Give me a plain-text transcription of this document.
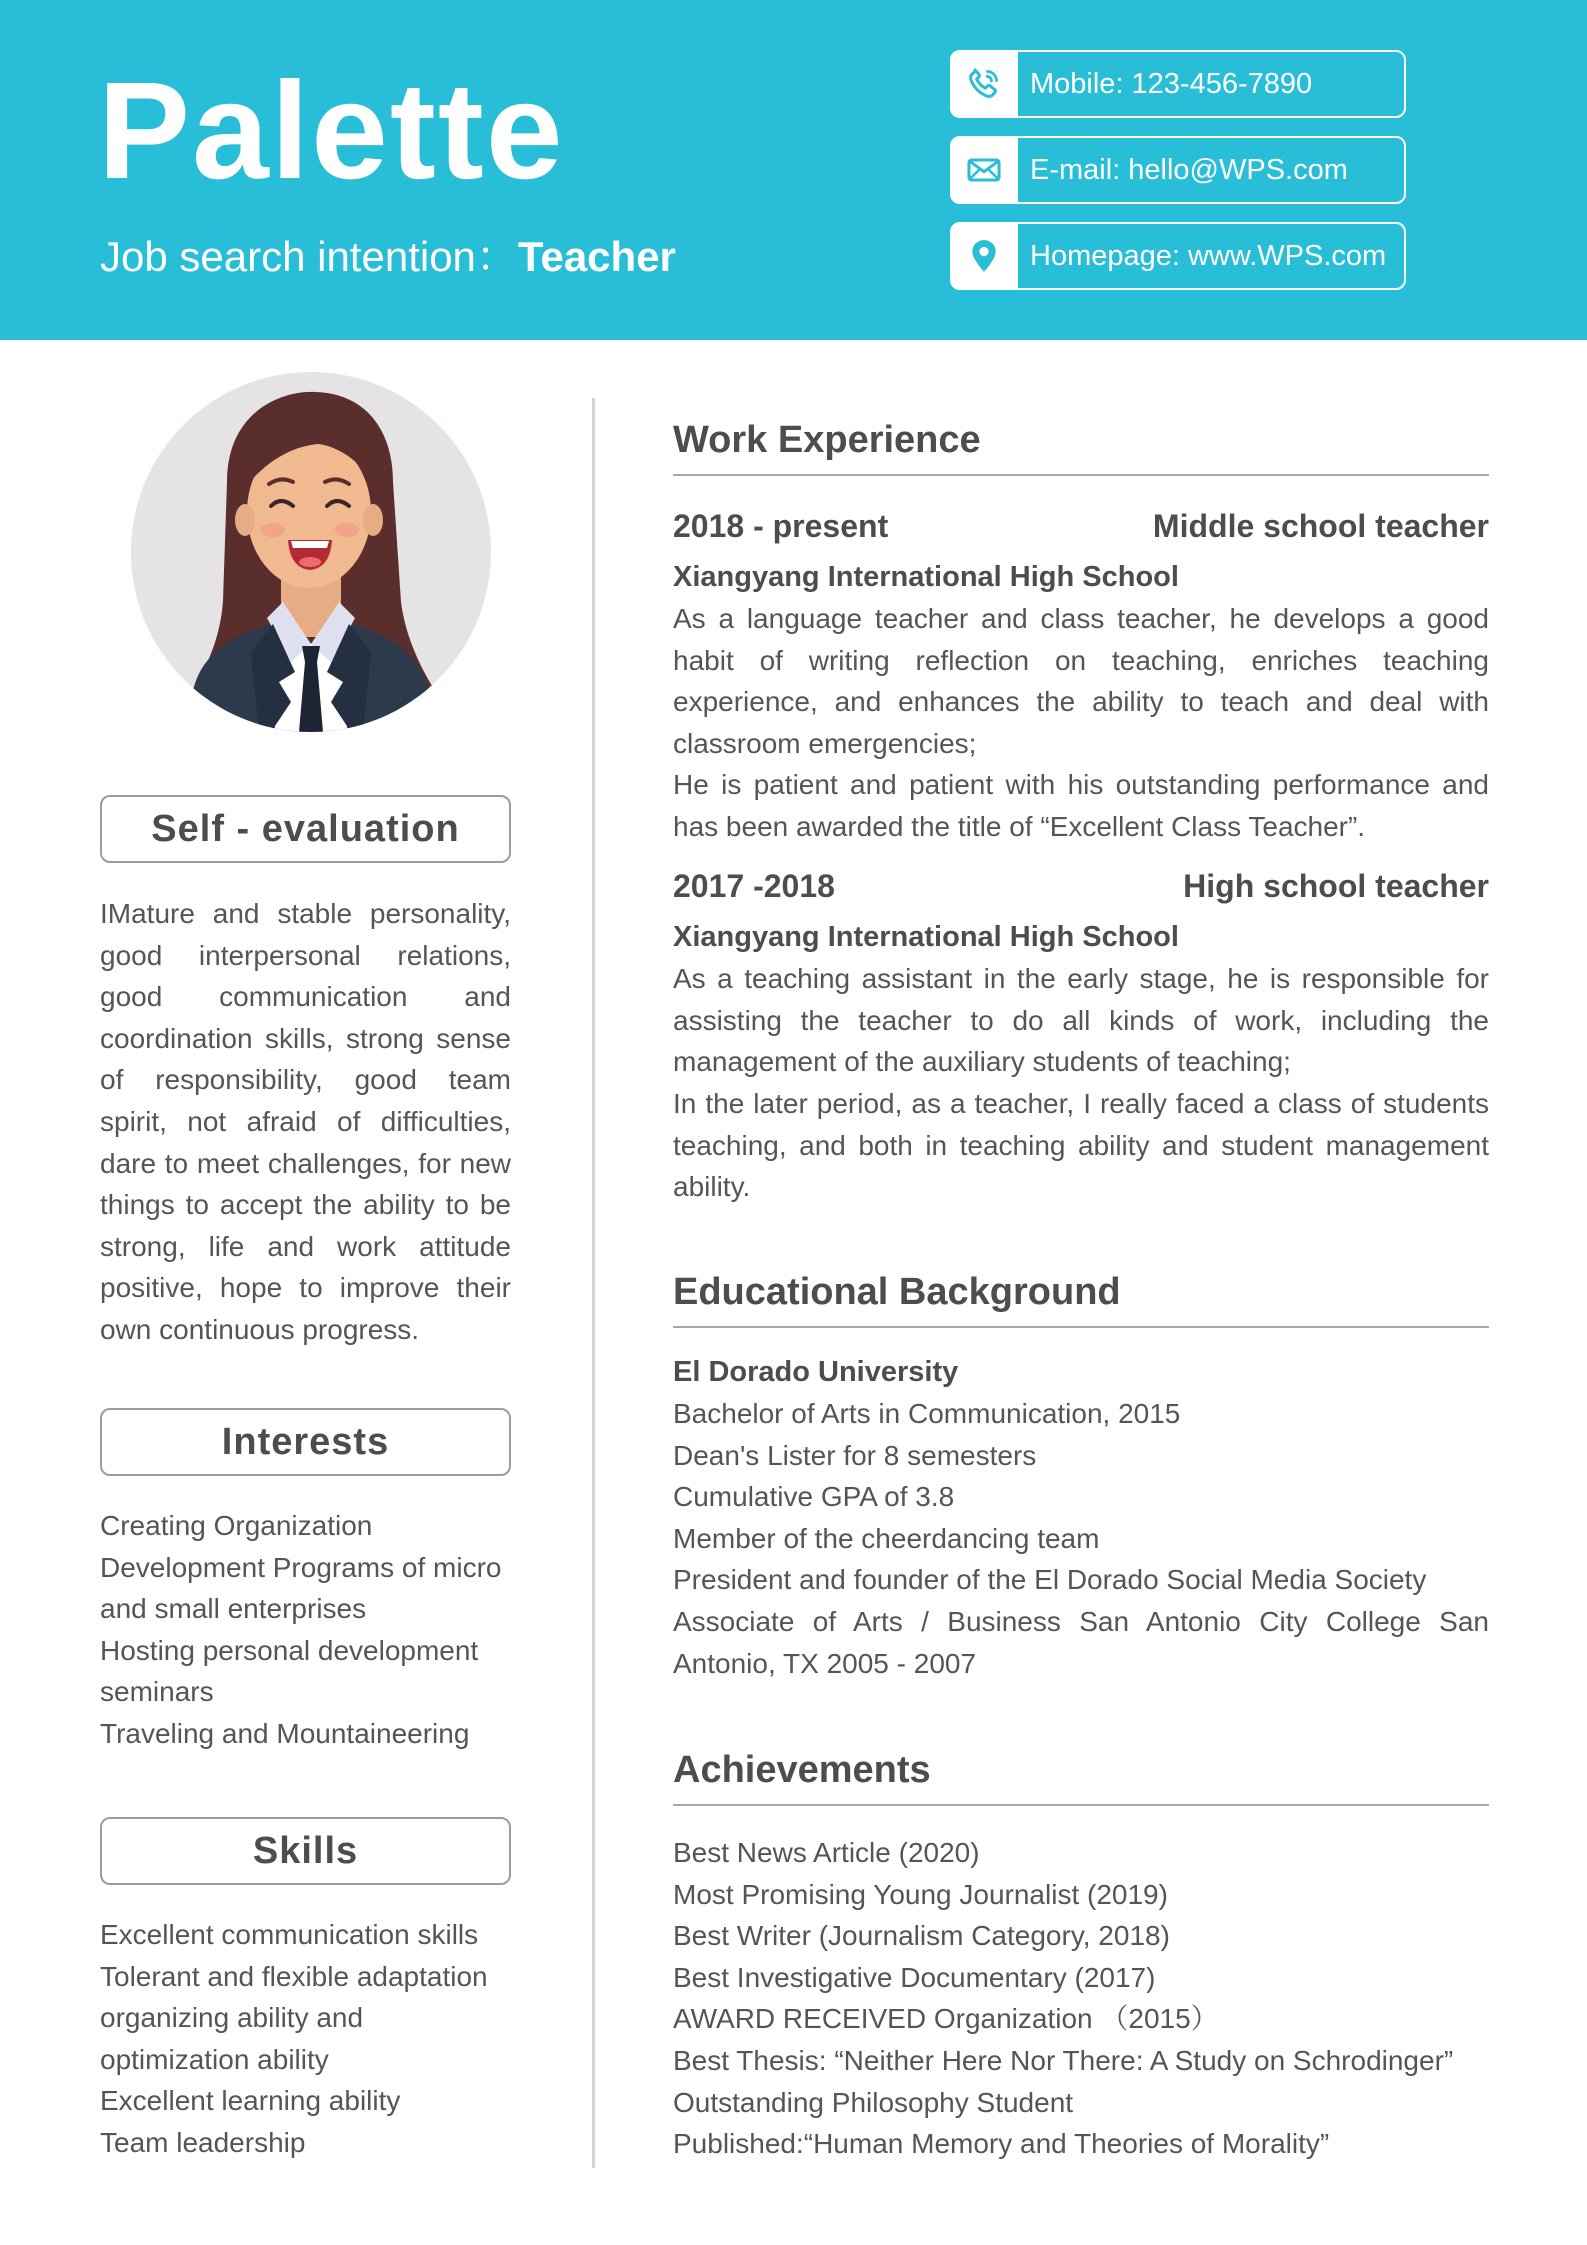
Palette
Job search intention：Teacher
Mobile: 123-456-7890
E-mail: hello@WPS.com
Homepage: www.WPS.com
Self - evaluation

IMature and stable personality, good interpersonal relations, good communication and coordination skills, strong sense of responsibility, good team spirit, not afraid of difficulties, dare to meet challenges, for new things to accept the ability to be strong, life and work attitude positive, hope to improve their own continuous progress.

Interests
Creating Organization
Development Programs of micro
and small enterprises
Hosting personal development
seminars
Traveling and Mountaineering
Skills
Excellent communication skills
Tolerant and flexible adaptation
organizing ability and
optimization ability
Excellent learning ability
Team leadership
Work Experience
2018 - present	Middle school teacher
Xiangyang International High School

As a language teacher and class teacher, he develops a good habit of writing reflection on teaching, enriches teaching experience, and enhances the ability to teach and deal with classroom emergencies;

He is patient and patient with his outstanding performance and has been awarded the title of “Excellent Class Teacher”.

2017 -2018	High school teacher
Xiangyang International High School

As a teaching assistant in the early stage, he is responsible for assisting the teacher to do all kinds of work, including the management of the auxiliary students of teaching;

In the later period, as a teacher, I really faced a class of students teaching, and both in teaching ability and student management ability.

Educational Background
El Dorado University
Bachelor of Arts in Communication, 2015
Dean's Lister for 8 semesters
Cumulative GPA of 3.8
Member of the cheerdancing team
President and founder of the El Dorado Social Media Society
Associate of Arts / Business San Antonio City College San Antonio, TX 2005 - 2007
Achievements
Best News Article (2020)
Most Promising Young Journalist (2019)
Best Writer (Journalism Category, 2018)
Best Investigative Documentary (2017)
AWARD RECEIVED Organization （2015）
Best Thesis: “Neither Here Nor There: A Study on Schrodinger”
Outstanding Philosophy Student
Published:“Human Memory and Theories of Morality”
